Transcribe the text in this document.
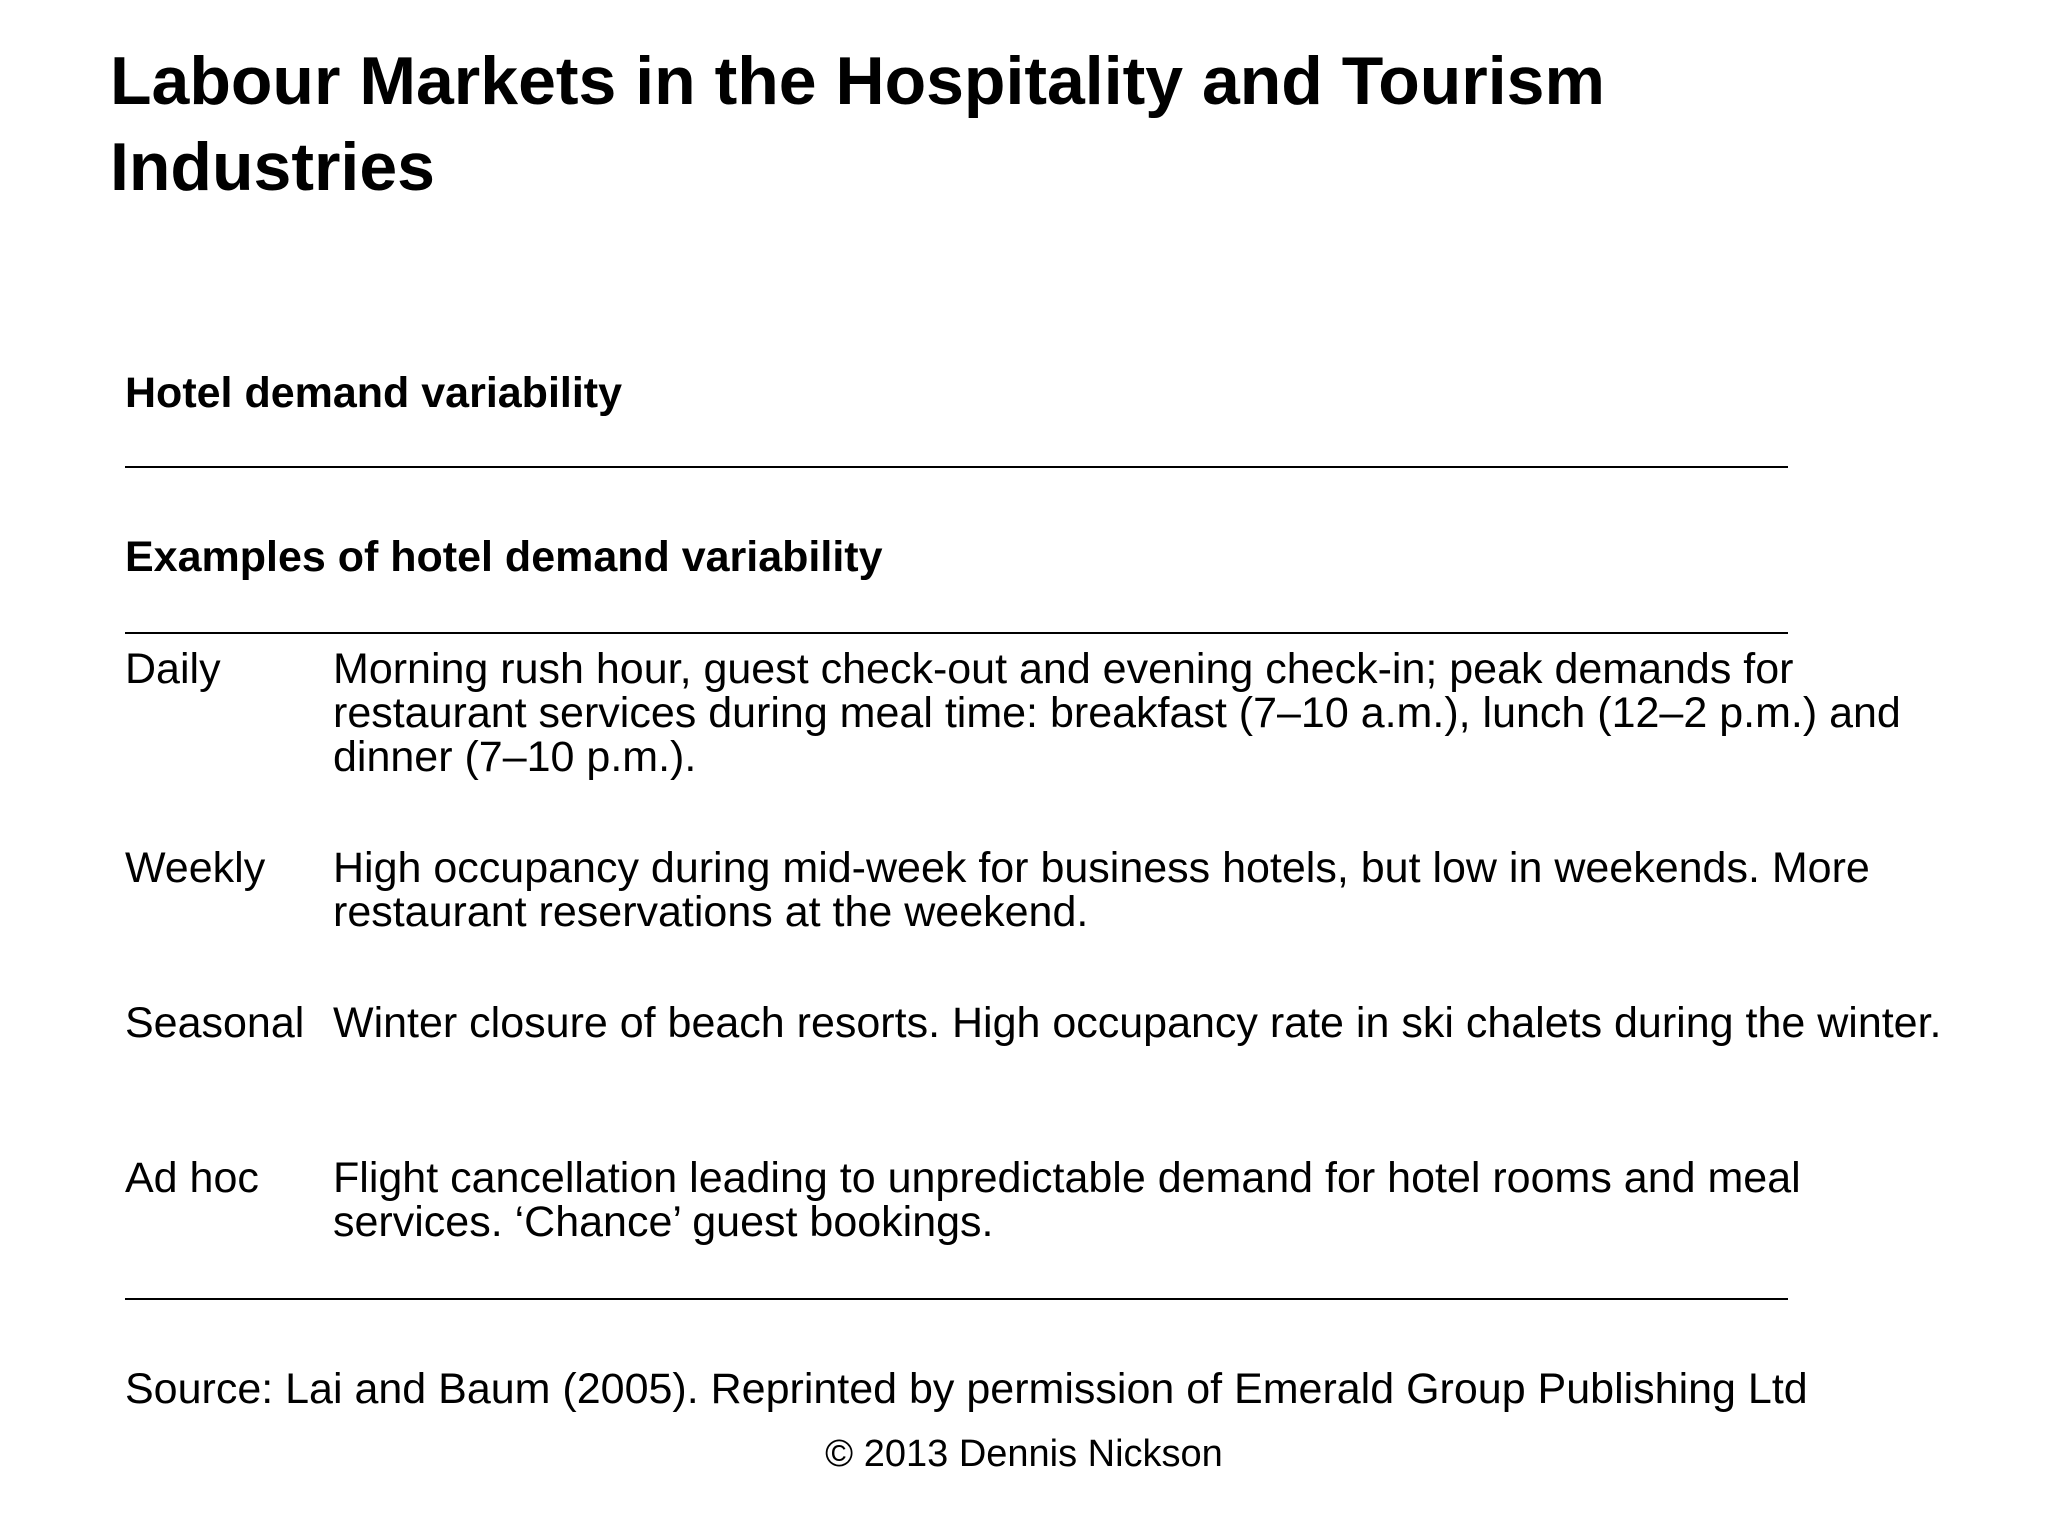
Labour Markets in the Hospitality and Tourism Industries
Hotel demand variability
Examples of hotel demand variability
Daily	Morning rush hour, guest check-out and evening check-in; peak demands for restaurant services during meal time: breakfast (7–10 a.m.), lunch (12–2 p.m.) and dinner (7–10 p.m.).
Weekly High occupancy during mid-week for business hotels, but low in weekends. More restaurant reservations at the weekend.
Seasonal Winter closure of beach resorts. High occupancy rate in ski chalets during the winter.
Ad hoc Flight cancellation leading to unpredictable demand for hotel rooms and meal services. ‘Chance’ guest bookings.
Source: Lai and Baum (2005). Reprinted by permission of Emerald Group Publishing Ltd
© 2013 Dennis Nickson
